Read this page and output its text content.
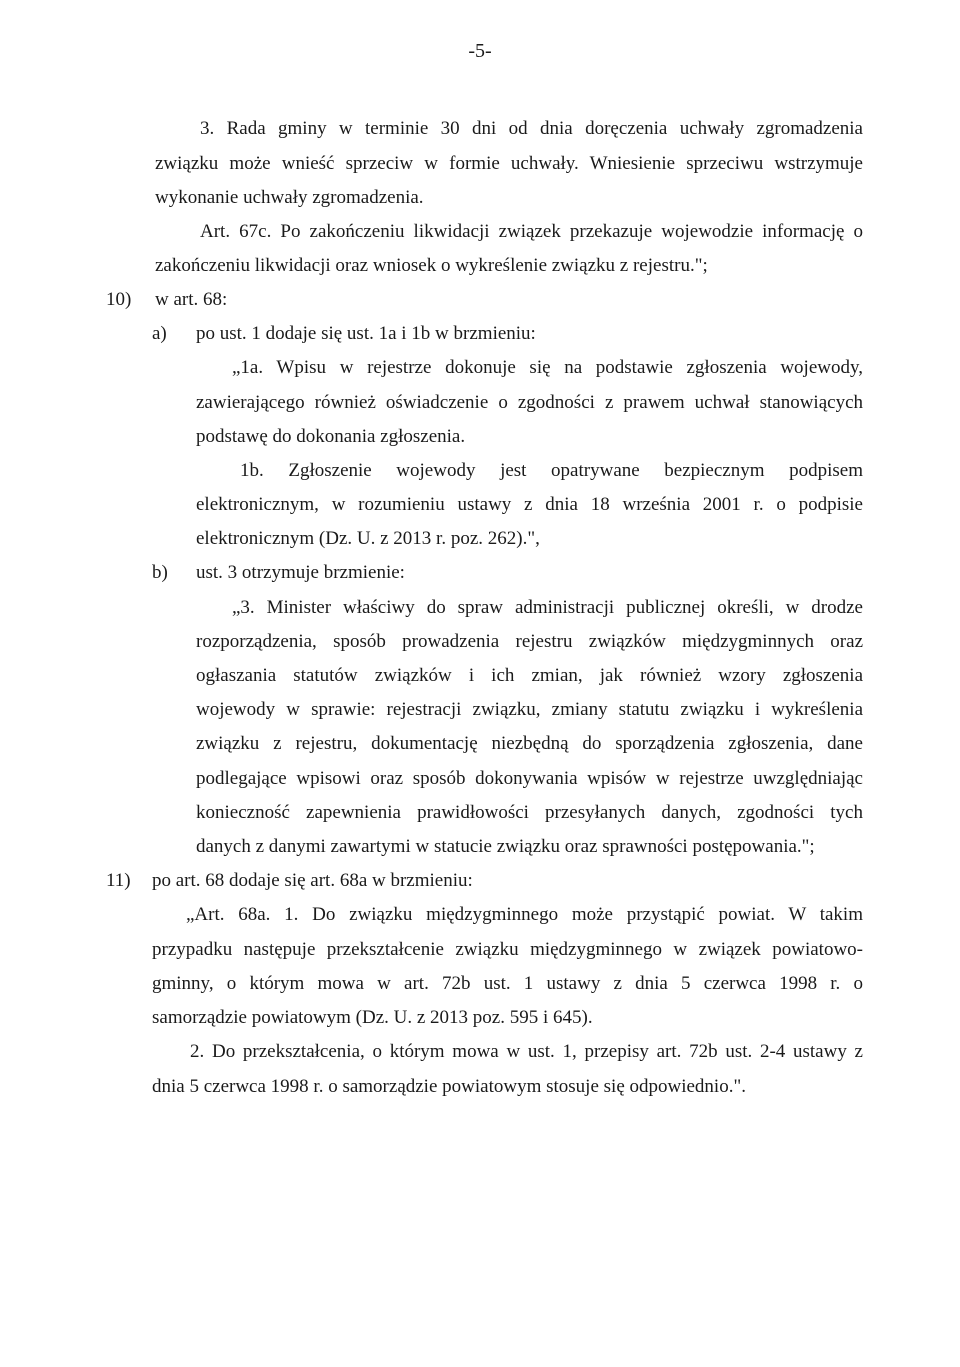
-5-
3. Rada gminy w terminie 30 dni od dnia doręczenia uchwały zgromadzenia
związku może wnieść sprzeciw w formie uchwały. Wniesienie sprzeciwu wstrzymuje
wykonanie uchwały zgromadzenia.
Art. 67c. Po zakończeniu likwidacji związek przekazuje wojewodzie informację o
zakończeniu likwidacji oraz wniosek o wykreślenie związku z rejestru.";
10) w art. 68:
a) po ust. 1 dodaje się ust. 1a i 1b w brzmieniu:
„1a. Wpisu w rejestrze dokonuje się na podstawie zgłoszenia wojewody,
zawierającego również oświadczenie o zgodności z prawem uchwał stanowiących
podstawę do dokonania zgłoszenia.
1b. Zgłoszenie wojewody jest opatrywane bezpiecznym podpisem
elektronicznym, w rozumieniu ustawy z dnia 18 września 2001 r. o podpisie
elektronicznym (Dz. U. z 2013 r. poz. 262).",
b) ust. 3 otrzymuje brzmienie:
„3. Minister właściwy do spraw administracji publicznej określi, w drodze
rozporządzenia, sposób prowadzenia rejestru związków międzygminnych oraz
ogłaszania statutów związków i ich zmian, jak również wzory zgłoszenia
wojewody w sprawie: rejestracji związku, zmiany statutu związku i wykreślenia
związku z rejestru, dokumentację niezbędną do sporządzenia zgłoszenia, dane
podlegające wpisowi oraz sposób dokonywania wpisów w rejestrze uwzględniając
konieczność zapewnienia prawidłowości przesyłanych danych, zgodności tych
danych z danymi zawartymi w statucie związku oraz sprawności postępowania.";
11) po art. 68 dodaje się art. 68a w brzmieniu:
„Art. 68a. 1. Do związku międzygminnego może przystąpić powiat. W takim
przypadku następuje przekształcenie związku międzygminnego w związek powiatowo-
gminny, o którym mowa w art. 72b ust. 1 ustawy z dnia 5 czerwca 1998 r. o
samorządzie powiatowym (Dz. U. z 2013 poz. 595 i 645).
2. Do przekształcenia, o którym mowa w ust. 1, przepisy art. 72b ust. 2-4 ustawy z
dnia 5 czerwca 1998 r. o samorządzie powiatowym stosuje się odpowiednio.".
